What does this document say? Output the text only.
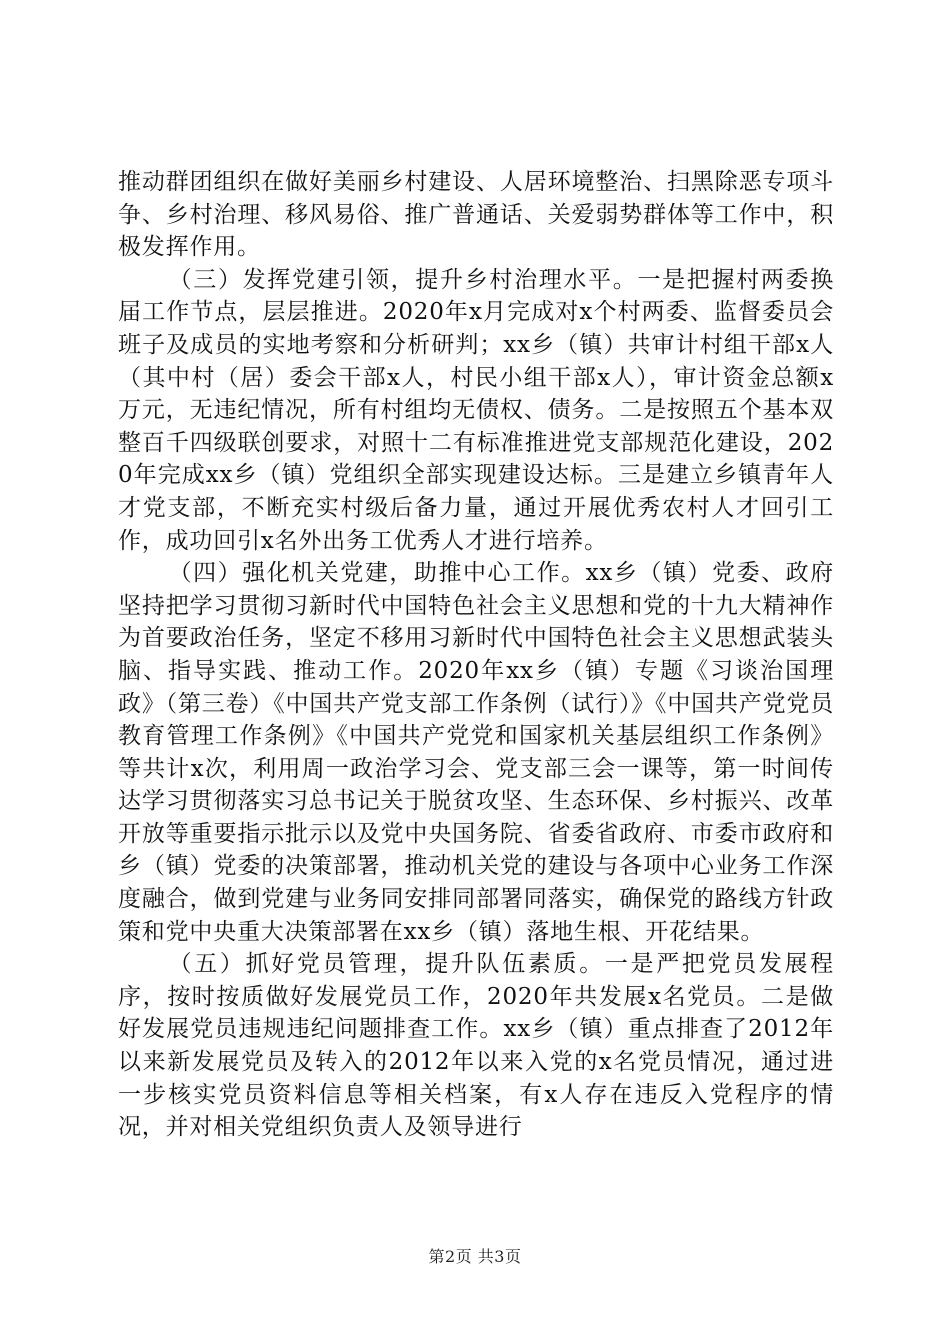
推动群团组织在做好美丽乡村建设、人居环境整治、扫黑除恶专项斗争、乡村治理、移风易俗、推广普通话、关爱弱势群体等工作中，积极发挥作用。

（三）发挥党建引领，提升乡村治理水平。一是把握村两委换届工作节点，层层推进。2020年x月完成对x个村两委、监督委员会班子及成员的实地考察和分析研判；xx乡（镇）共审计村组干部x人（其中村（居）委会干部x人，村民小组干部x人），审计资金总额x万元，无违纪情况，所有村组均无债权、债务。二是按照五个基本双整百千四级联创要求，对照十二有标准推进党支部规范化建设，2020年完成xx乡（镇）党组织全部实现建设达标。三是建立乡镇青年人才党支部，不断充实村级后备力量，通过开展优秀农村人才回引工作，成功回引x名外出务工优秀人才进行培养。

（四）强化机关党建，助推中心工作。xx乡（镇）党委、政府坚持把学习贯彻习新时代中国特色社会主义思想和党的十九大精神作为首要政治任务，坚定不移用习新时代中国特色社会主义思想武装头脑、指导实践、推动工作。2020年xx乡（镇）专题《习谈治国理政》（第三卷）《中国共产党支部工作条例（试行）》《中国共产党党员教育管理工作条例》《中国共产党党和国家机关基层组织工作条例》等共计x次，利用周一政治学习会、党支部三会一课等，第一时间传达学习贯彻落实习总书记关于脱贫攻坚、生态环保、乡村振兴、改革开放等重要指示批示以及党中央国务院、省委省政府、市委市政府和乡（镇）党委的决策部署，推动机关党的建设与各项中心业务工作深度融合，做到党建与业务同安排同部署同落实，确保党的路线方针政策和党中央重大决策部署在xx乡（镇）落地生根、开花结果。

（五）抓好党员管理，提升队伍素质。一是严把党员发展程序，按时按质做好发展党员工作，2020年共发展x名党员。二是做好发展党员违规违纪问题排查工作。xx乡（镇）重点排查了2012年以来新发展党员及转入的2012年以来入党的x名党员情况，通过进一步核实党员资料信息等相关档案，有x人存在违反入党程序的情况，并对相关党组织负责人及领导进行

第2页 共3页
